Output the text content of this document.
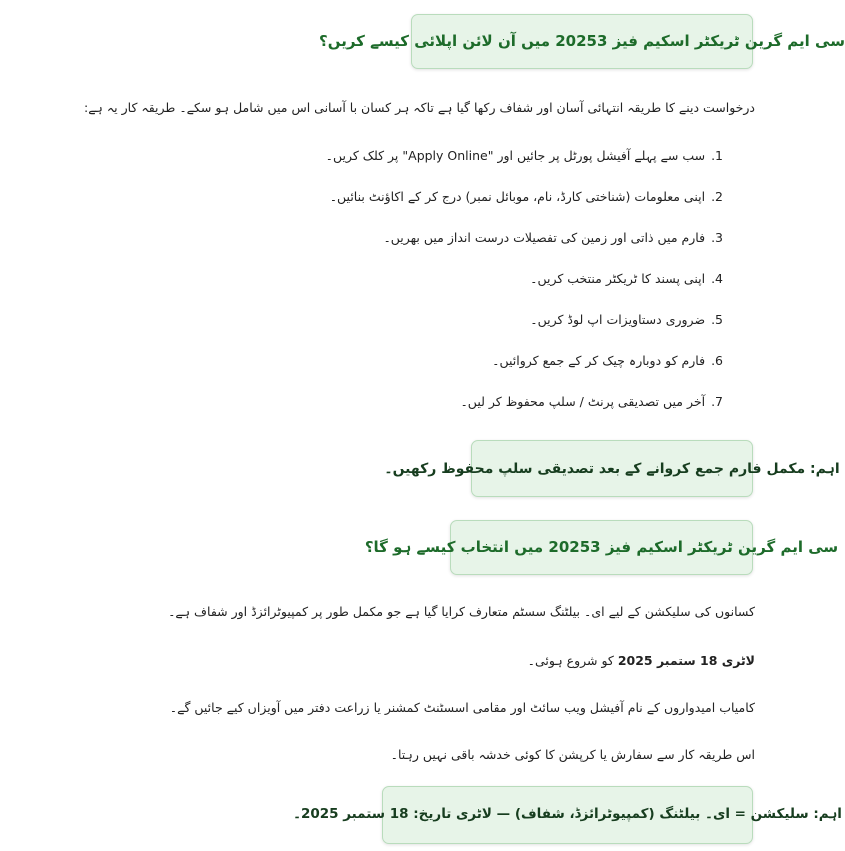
سی ایم گرین ٹریکٹر اسکیم فیز 20253 میں آن لائن اپلائی کیسے کریں؟
درخواست دینے کا طریقہ انتہائی آسان اور شفاف رکھا گیا ہے تاکہ ہر کسان با آسانی اس میں شامل ہو سکے۔ طریقہ کار یہ ہے:
1.سب سے پہلے آفیشل پورٹل پر جائیں اور "Apply Online" پر کلک کریں۔
2.اپنی معلومات (شناختی کارڈ، نام، موبائل نمبر) درج کر کے اکاؤنٹ بنائیں۔
3.فارم میں ذاتی اور زمین کی تفصیلات درست انداز میں بھریں۔
4.اپنی پسند کا ٹریکٹر منتخب کریں۔
5.ضروری دستاویزات اپ لوڈ کریں۔
6.فارم کو دوبارہ چیک کر کے جمع کروائیں۔
7.آخر میں تصدیقی پرنٹ / سلپ محفوظ کر لیں۔
اہم: مکمل فارم جمع کروانے کے بعد تصدیقی سلپ محفوظ رکھیں۔
سی ایم گرین ٹریکٹر اسکیم فیز 20253 میں انتخاب کیسے ہو گا؟
کسانوں کی سلیکشن کے لیے ای۔ بیلٹنگ سسٹم متعارف کرایا گیا ہے جو مکمل طور پر کمپیوٹرائزڈ اور شفاف ہے۔
لاٹری 18 ستمبر 2025 کو شروع ہوئی۔
کامیاب امیدواروں کے نام آفیشل ویب سائٹ اور مقامی اسسٹنٹ کمشنر یا زراعت دفتر میں آویزاں کیے جائیں گے۔
اس طریقہ کار سے سفارش یا کرپشن کا کوئی خدشہ باقی نہیں رہتا۔
اہم: سلیکشن = ای۔ بیلٹنگ (کمپیوٹرائزڈ، شفاف) — لاٹری تاریخ: 18 ستمبر 2025۔
